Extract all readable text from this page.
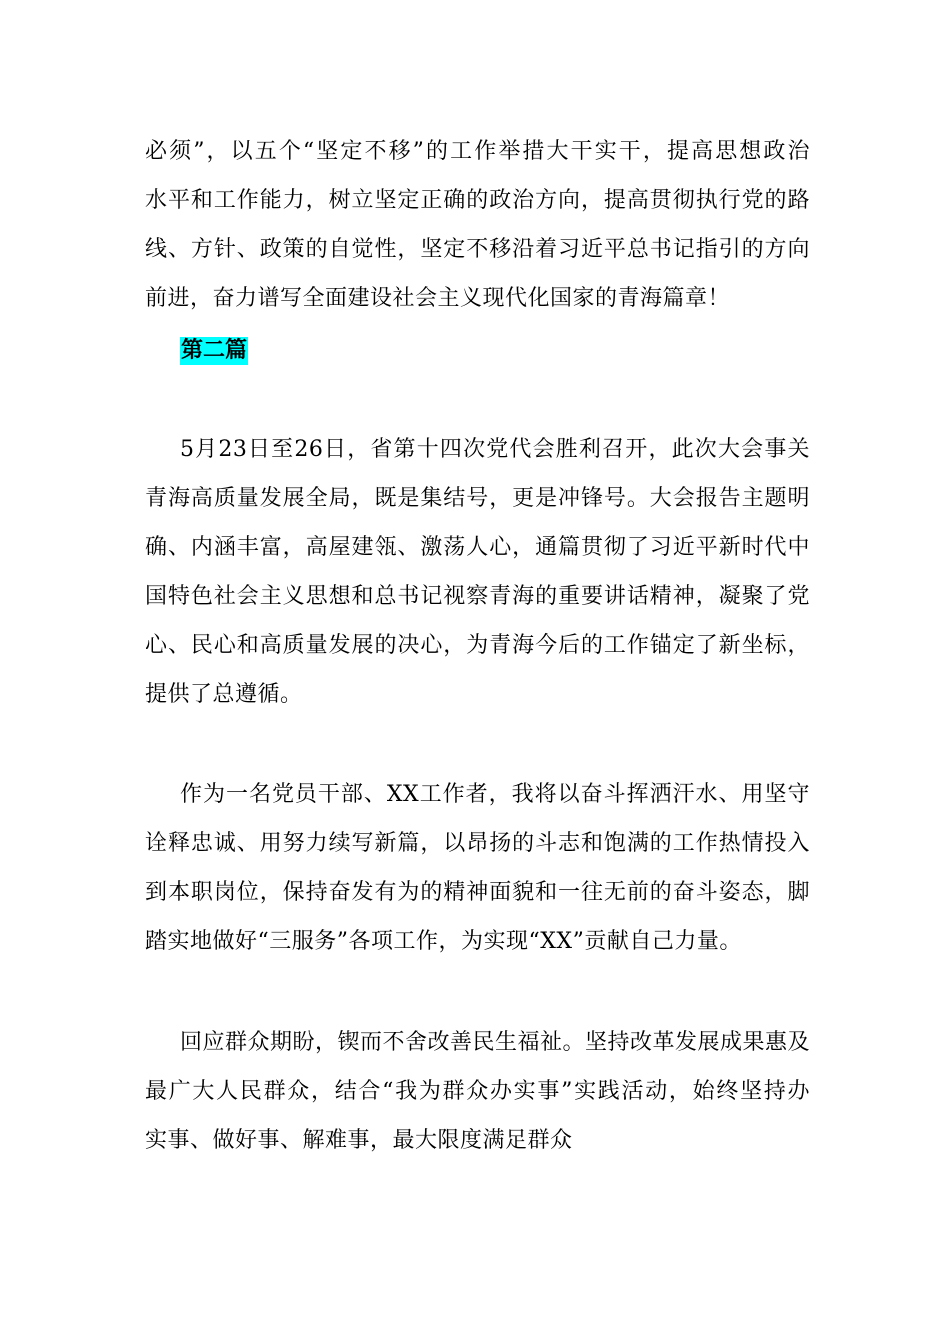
必须”，以五个“坚定不移”的工作举措大干实干，提高思想政治
水平和工作能力，树立坚定正确的政治方向，提高贯彻执行党的路
线、方针、政策的自觉性，坚定不移沿着习近平总书记指引的方向
前进，奋力谱写全面建设社会主义现代化国家的青海篇章！
第二篇
5月23日至26日，省第十四次党代会胜利召开，此次大会事关
青海高质量发展全局，既是集结号，更是冲锋号。大会报告主题明
确、内涵丰富，高屋建瓴、激荡人心，通篇贯彻了习近平新时代中
国特色社会主义思想和总书记视察青海的重要讲话精神，凝聚了党
心、民心和高质量发展的决心，为青海今后的工作锚定了新坐标，
提供了总遵循。
作为一名党员干部、XX工作者，我将以奋斗挥洒汗水、用坚守
诠释忠诚、用努力续写新篇，以昂扬的斗志和饱满的工作热情投入
到本职岗位，保持奋发有为的精神面貌和一往无前的奋斗姿态，脚
踏实地做好“三服务”各项工作，为实现“XX”贡献自己力量。
回应群众期盼，锲而不舍改善民生福祉。坚持改革发展成果惠及
最广大人民群众，结合“我为群众办实事”实践活动，始终坚持办
实事、做好事、解难事，最大限度满足群众
